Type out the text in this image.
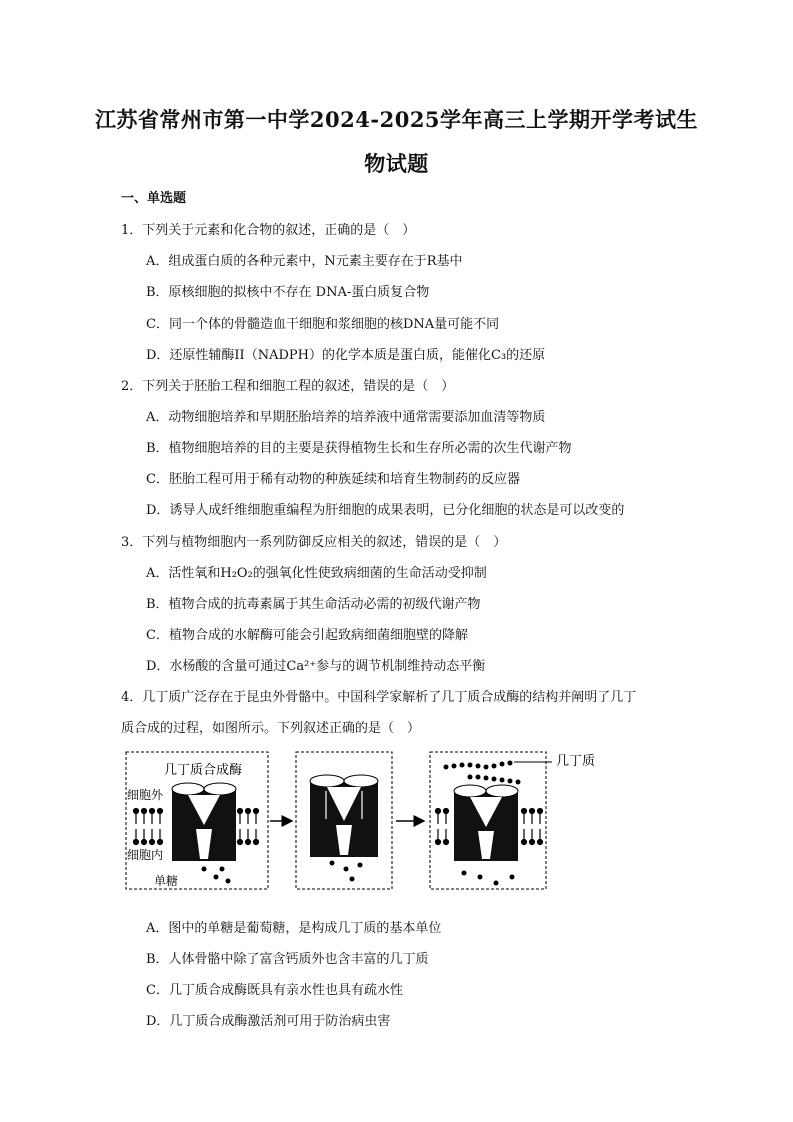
江苏省常州市第一中学2024-2025学年高三上学期开学考试生
物试题
一、单选题
1．下列关于元素和化合物的叙述，正确的是（　）
A．组成蛋白质的各种元素中，N元素主要存在于R基中
B．原核细胞的拟核中不存在 DNA-蛋白质复合物
C．同一个体的骨髓造血干细胞和浆细胞的核DNA量可能不同
D．还原性辅酶II（NADPH）的化学本质是蛋白质，能催化C₃的还原
2．下列关于胚胎工程和细胞工程的叙述，错误的是（　）
A．动物细胞培养和早期胚胎培养的培养液中通常需要添加血清等物质
B．植物细胞培养的目的主要是获得植物生长和生存所必需的次生代谢产物
C．胚胎工程可用于稀有动物的种族延续和培育生物制药的反应器
D．诱导人成纤维细胞重编程为肝细胞的成果表明，已分化细胞的状态是可以改变的
3．下列与植物细胞内一系列防御反应相关的叙述，错误的是（　）
A．活性氧和H₂O₂的强氧化性使致病细菌的生命活动受抑制
B．植物合成的抗毒素属于其生命活动必需的初级代谢产物
C．植物合成的水解酶可能会引起致病细菌细胞壁的降解
D．水杨酸的含量可通过Ca²⁺参与的调节机制维持动态平衡
4．几丁质广泛存在于昆虫外骨骼中。中国科学家解析了几丁质合成酶的结构并阐明了几丁
质合成的过程，如图所示。下列叙述正确的是（　）
几丁质合成酶
细胞外
细胞内
单糖
几丁质
A．图中的单糖是葡萄糖，是构成几丁质的基本单位
B．人体骨骼中除了富含钙质外也含丰富的几丁质
C．几丁质合成酶既具有亲水性也具有疏水性
D．几丁质合成酶激活剂可用于防治病虫害
